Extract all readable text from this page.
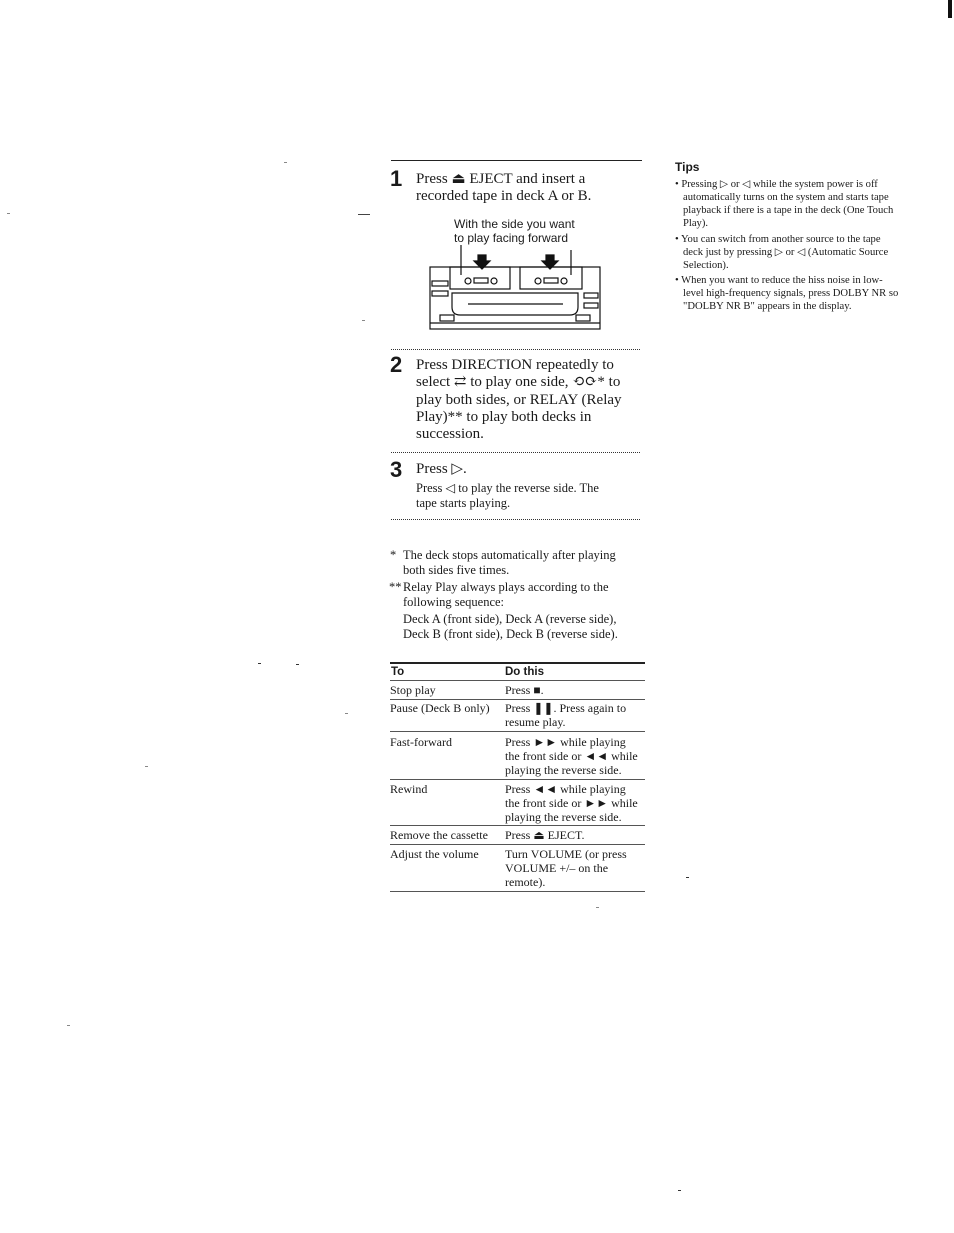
1 Press ⏏ EJECT and insert a
recorded tape in deck A or B.
With the side you want
to play facing forward
2 Press DIRECTION repeatedly to
select ⇄ to play one side, ⟲⟳* to
play both sides, or RELAY (Relay
Play)** to play both decks in
succession.
3 Press ▷.
Press ◁ to play the reverse side. The
tape starts playing.
* The deck stops automatically after playing
both sides five times.
** Relay Play always plays according to the
following sequence:
Deck A (front side), Deck A (reverse side),
Deck B (front side), Deck B (reverse side).
Tips
• Pressing ▷ or ◁ while the system power is off
automatically turns on the system and starts tape
playback if there is a tape in the deck (One Touch
Play).
• You can switch from another source to the tape
deck just by pressing ▷ or ◁ (Automatic Source
Selection).
• When you want to reduce the hiss noise in low-
level high-frequency signals, press DOLBY NR so
"DOLBY NR B" appears in the display.
To	Do this
Stop play	Press ■.
Pause (Deck B only)	Press ❚❚. Press again to
resume play.
Fast-forward	Press ►► while playing
the front side or ◄◄ while
playing the reverse side.
Rewind	Press ◄◄ while playing
the front side or ►► while
playing the reverse side.
Remove the cassette	Press ⏏ EJECT.
Adjust the volume	Turn VOLUME (or press
VOLUME +/– on the
remote).
